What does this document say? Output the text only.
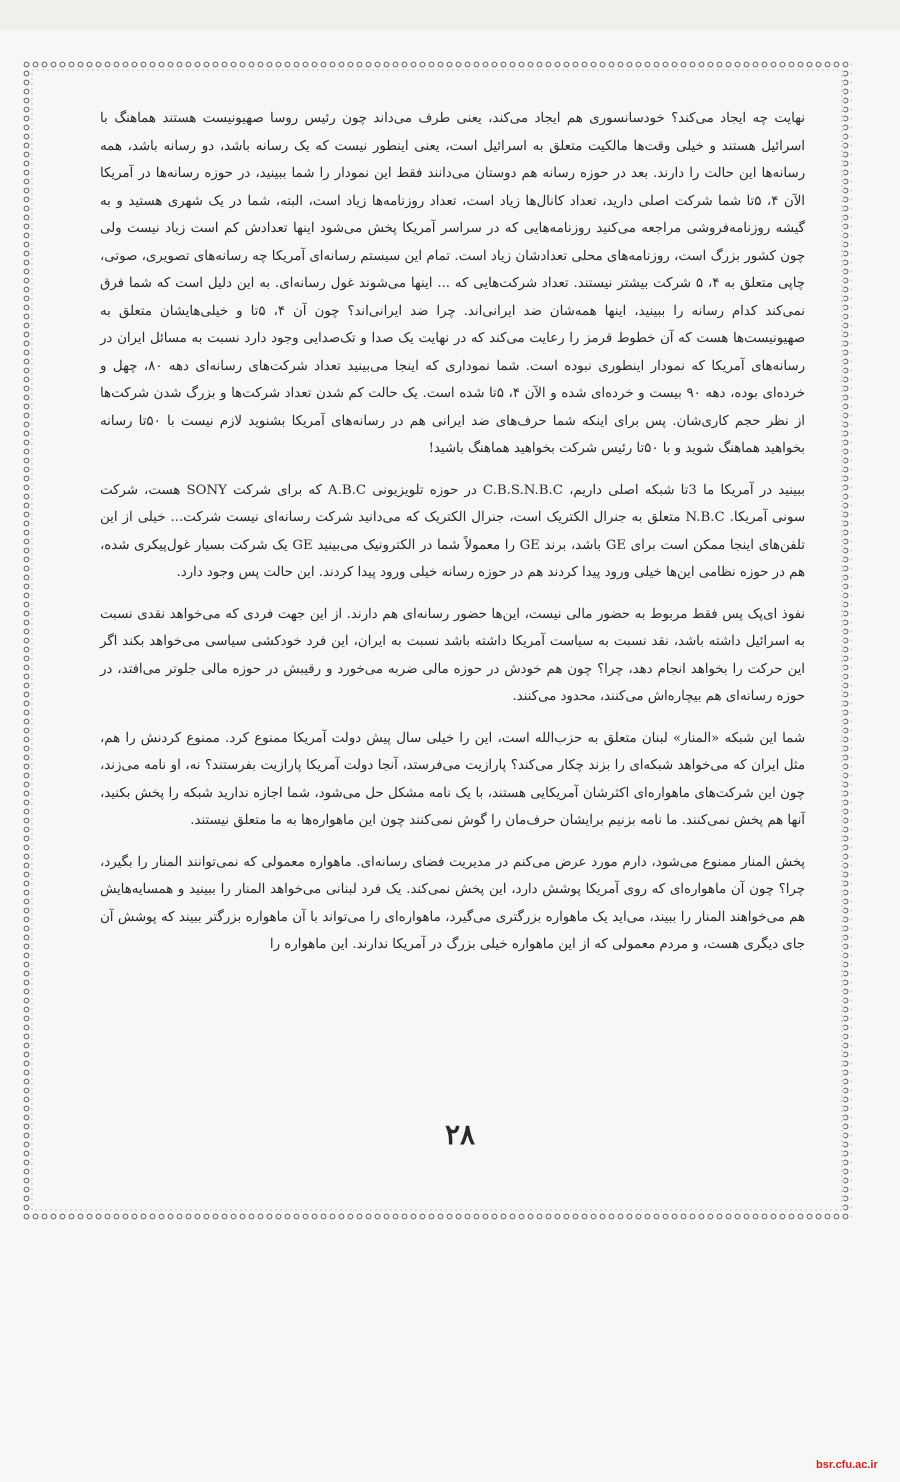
نهایت چه ایجاد می‌کند؟ خودسانسوری هم ایجاد می‌کند، یعنی طرف می‌داند چون رئیس روسا صهیونیست هستند هماهنگ با اسرائیل هستند و خیلی وقت‌ها مالکیت متعلق به اسرائیل است، یعنی اینطور نیست که یک رسانه باشد، دو رسانه باشد، همه رسانه‌ها این حالت را دارند. بعد در حوزه رسانه هم دوستان می‌دانند فقط این نمودار را شما ببینید، در حوزه رسانه‌ها در آمریکا الآن ۴، ۵تا شما شرکت اصلی دارید، تعداد کانال‌ها زیاد است، تعداد روزنامه‌ها زیاد است، البته، شما در یک شهری هستید و به گیشه روزنامه‌فروشی مراجعه می‌کنید روزنامه‌هایی که در سراسر آمریکا پخش می‌شود اینها تعدادش کم است زیاد نیست ولی چون کشور بزرگ است، روزنامه‌های محلی تعدادشان زیاد است. تمام این سیستم رسانه‌ای آمریکا چه رسانه‌های تصویری، صوتی، چاپی متعلق به ۴، ۵ شرکت بیشتر نیستند. تعداد شرکت‌هایی که ... اینها می‌شوند غول رسانه‌ای. به این دلیل است که شما فرق نمی‌کند کدام رسانه را ببینید، اینها همه‌شان ضد ایرانی‌اند. چرا ضد ایرانی‌اند؟ چون آن ۴، ۵تا و خیلی‌هایشان متعلق به صهیونیست‌ها هست که آن خطوط قرمز را رعایت می‌کند که در نهایت یک صدا و تک‌صدایی وجود دارد نسبت به مسائل ایران در رسانه‌های آمریکا که نمودار اینطوری نبوده است. شما نموداری که اینجا می‌بینید تعداد شرکت‌های رسانه‌ای دهه ۸۰، چهل و خرده‌ای بوده، دهه ۹۰ بیست و خرده‌ای شده و الآن ۴، ۵تا شده است. یک حالت کم شدن تعداد شرکت‌ها و بزرگ شدن شرکت‌ها از نظر حجم کاری‌شان. پس برای اینکه شما حرف‌های ضد ایرانی هم در رسانه‌های آمریکا بشنوید لازم نیست با ۵۰تا رسانه بخواهید هماهنگ شوید و با ۵۰تا رئیس شرکت بخواهید هماهنگ باشید!

ببینید در آمریکا ما 3تا شبکه اصلی داریم، C.B.S.N.B.C در حوزه تلویزیونی A.B.C که برای شرکت SONY هست، شرکت سونی آمریکا. N.B.C متعلق به جنرال الکتریک است، جنرال الکتریک که می‌دانید شرکت رسانه‌ای نیست شرکت... خیلی از این تلفن‌های اینجا ممکن است برای GE باشد، برند GE را معمولاً شما در الکترونیک می‌بینید GE یک شرکت بسیار غول‌پیکری شده، هم در حوزه نظامی این‌ها خیلی ورود پیدا کردند هم در حوزه رسانه خیلی ورود پیدا کردند. این حالت پس وجود دارد.

نفوذ ای‌پک پس فقط مربوط به حضور مالی نیست، این‌ها حضور رسانه‌ای هم دارند. از این جهت فردی که می‌خواهد نقدی نسبت به اسرائیل داشته باشد، نقد نسبت به سیاست آمریکا داشته باشد نسبت به ایران، این فرد خودکشی سیاسی می‌خواهد بکند اگر این حرکت را بخواهد انجام دهد، چرا؟ چون هم خودش در حوزه مالی ضربه می‌خورد و رقیبش در حوزه مالی جلوتر می‌افتد، در حوزه رسانه‌ای هم بیچاره‌اش می‌کنند، محدود می‌کنند.

شما این شبکه «المنار» لبنان متعلق به حزب‌الله است، این را خیلی سال پیش دولت آمریکا ممنوع کرد. ممنوع کردنش را هم، مثل ایران که می‌خواهد شبکه‌ای را بزند چکار می‌کند؟ پارازیت می‌فرستد، آنجا دولت آمریکا پارازیت بفرستند؟ نه، او نامه می‌زند، چون این شرکت‌های ماهواره‌ای اکثرشان آمریکایی هستند، با یک نامه مشکل حل می‌شود، شما اجازه ندارید شبکه را پخش بکنید، آنها هم پخش نمی‌کنند. ما نامه بزنیم برایشان حرف‌مان را گوش نمی‌کنند چون این ماهواره‌ها به ما متعلق نیستند.

پخش المنار ممنوع می‌شود، دارم مورد عرض می‌کنم در مدیریت فضای رسانه‌ای. ماهواره معمولی که نمی‌توانند المنار را بگیرد، چرا؟ چون آن ماهواره‌ای که روی آمریکا پوشش دارد، این پخش نمی‌کند. یک فرد لبنانی می‌خواهد المنار را ببینید و همسایه‌هایش هم می‌خواهند المنار را ببیند، می‌اید یک ماهواره بزرگتری می‌گیرد، ماهواره‌ای را می‌تواند با آن ماهواره بزرگتر ببیند که پوشش آن جای دیگری هست، و مردم معمولی که از این ماهواره خیلی بزرگ در آمریکا ندارند. این ماهواره را

۲۸
bsr.cfu.ac.ir
